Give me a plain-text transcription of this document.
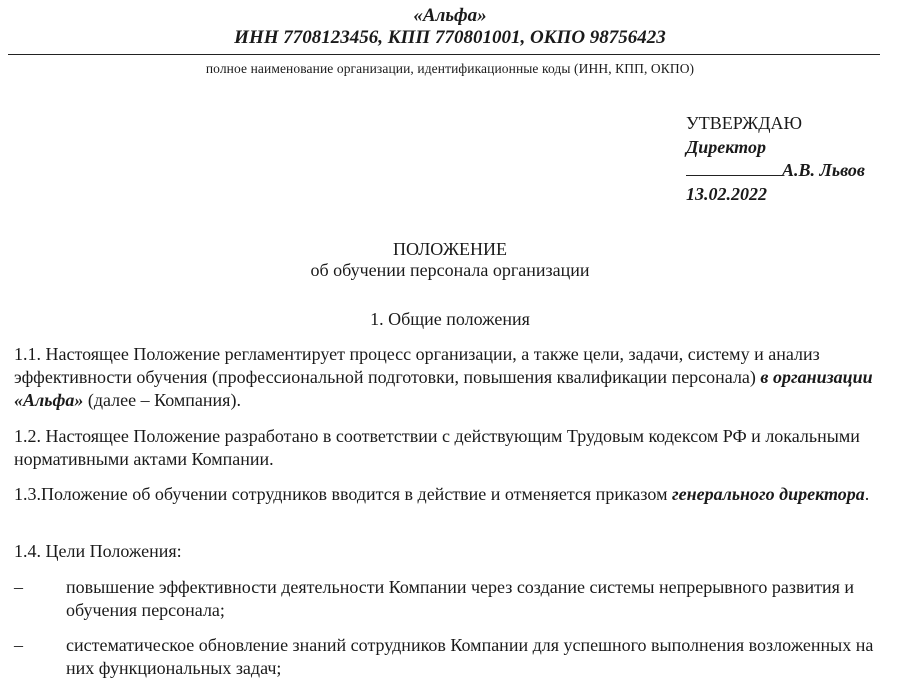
«Альфа»
ИНН 7708123456, КПП 770801001, ОКПО 98756423
полное наименование организации, идентификационные коды (ИНН, КПП, ОКПО)
УТВЕРЖДАЮ
Директор
А.В. Львов
13.02.2022
ПОЛОЖЕНИЕ
об обучении персонала организации
1. Общие положения
1.1. Настоящее Положение регламентирует процесс организации, а также цели, задачи, систему и анализ эффективности обучения (профессиональной подготовки, повышения квалификации персонала) в организации «Альфа» (далее – Компания).
1.2. Настоящее Положение разработано в соответствии с действующим Трудовым кодексом РФ и локальными нормативными актами Компании.
1.3.Положение об обучении сотрудников вводится в действие и отменяется приказом генерального директора.
1.4. Цели Положения:
–	повышение эффективности деятельности Компании через создание системы непрерывного развития и обучения персонала;
–	систематическое обновление знаний сотрудников Компании для успешного выполнения возложенных на них функциональных задач;
